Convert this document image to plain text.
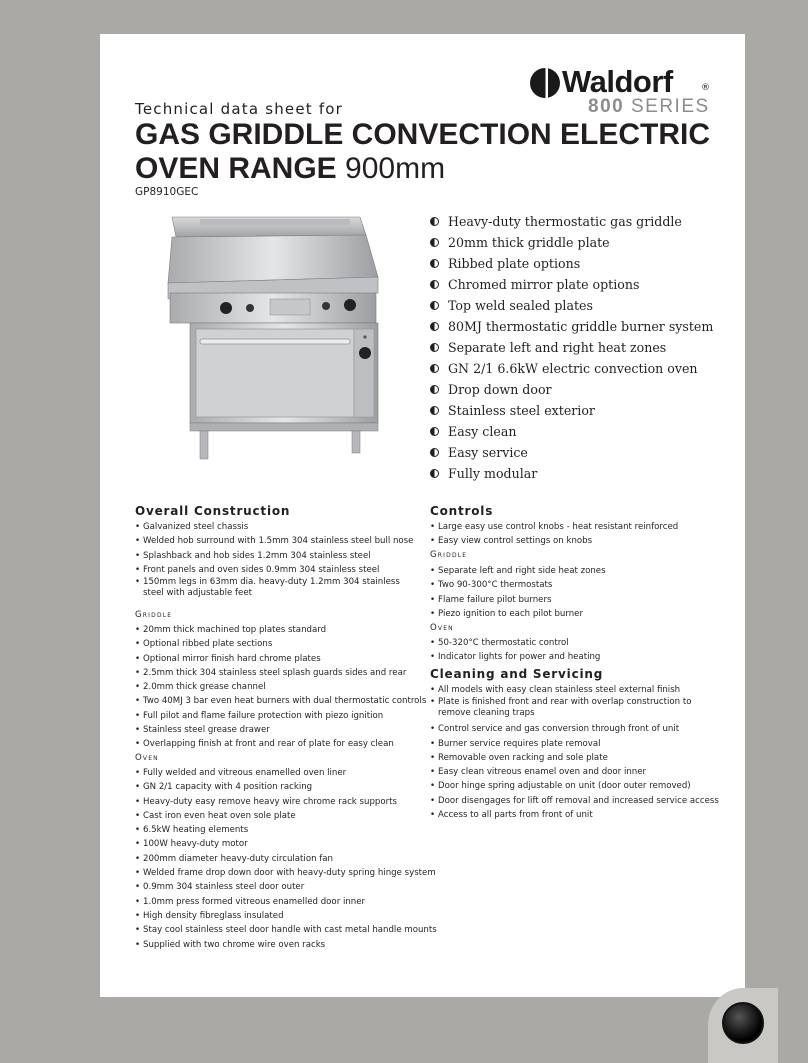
Waldorf	®
800 SERIES
Technical data sheet for
GAS GRIDDLE CONVECTION ELECTRIC
OVEN RANGE 900mm
GP8910GEC
Heavy-duty thermostatic gas griddle
20mm thick griddle plate
Ribbed plate options
Chromed mirror plate options
Top weld sealed plates
80MJ thermostatic griddle burner system
Separate left and right heat zones
GN 2/1 6.6kW electric convection oven
Drop down door
Stainless steel exterior
Easy clean
Easy service
Fully modular
Overall Construction
• Galvanized steel chassis
• Welded hob surround with 1.5mm 304 stainless steel bull nose
• Splashback and hob sides 1.2mm 304 stainless steel
• Front panels and oven sides 0.9mm 304 stainless steel
• 150mm legs in 63mm dia. heavy-duty 1.2mm 304 stainless steel with adjustable feet
Griddle
• 20mm thick machined top plates standard
• Optional ribbed plate sections
• Optional mirror finish hard chrome plates
• 2.5mm thick 304 stainless steel splash guards sides and rear
• 2.0mm thick grease channel
• Two 40MJ 3 bar even heat burners with dual thermostatic controls
• Full pilot and flame failure protection with piezo ignition
• Stainless steel grease drawer
• Overlapping finish at front and rear of plate for easy clean
Oven
• Fully welded and vitreous enamelled oven liner
• GN 2/1 capacity with 4 position racking
• Heavy-duty easy remove heavy wire chrome rack supports
• Cast iron even heat oven sole plate
• 6.5kW heating elements
• 100W heavy-duty motor
• 200mm diameter heavy-duty circulation fan
• Welded frame drop down door with heavy-duty spring hinge system
• 0.9mm 304 stainless steel door outer
• 1.0mm press formed vitreous enamelled door inner
• High density fibreglass insulated
• Stay cool stainless steel door handle with cast metal handle mounts
• Supplied with two chrome wire oven racks
Controls
• Large easy use control knobs - heat resistant reinforced
• Easy view control settings on knobs
Griddle
• Separate left and right side heat zones
• Two 90-300°C thermostats
• Flame failure pilot burners
• Piezo ignition to each pilot burner
Oven
• 50-320°C thermostatic control
• Indicator lights for power and heating
Cleaning and Servicing
• All models with easy clean stainless steel external finish
• Plate is finished front and rear with overlap construction to remove cleaning traps
• Control service and gas conversion through front of unit
• Burner service requires plate removal
• Removable oven racking and sole plate
• Easy clean vitreous enamel oven and door inner
• Door hinge spring adjustable on unit (door outer removed)
• Door disengages for lift off removal and increased service access
• Access to all parts from front of unit
